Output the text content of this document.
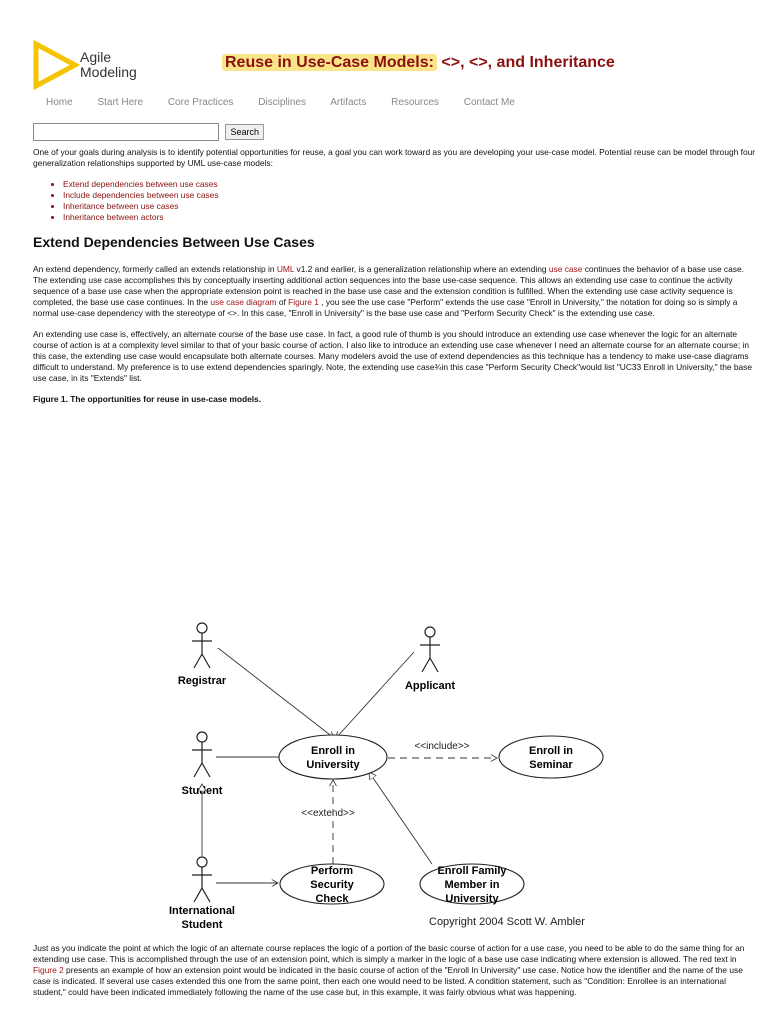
Agile
Modeling
Reuse in Use-Case Models: <>, <>, and Inheritance
Home Start Here Core Practices Disciplines Artifacts Resources Contact Me
Search

One of your goals during analysis is to identify potential opportunities for reuse, a goal you can work toward as you are developing your use-case model. Potential reuse can be model through four generalization relationships supported by UML use-case models:

• Extend dependencies between use cases
• Include dependencies between use cases
• Inheritance between use cases
• Inheritance between actors
Extend Dependencies Between Use Cases

An extend dependency, formerly called an extends relationship in UML v1.2 and earlier, is a generalization relationship where an extending use case continues the behavior of a base use case. The extending use case accomplishes this by conceptually inserting additional action sequences into the base use-case sequence. This allows an extending use case to continue the activity sequence of a base use case when the appropriate extension point is reached in the base use case and the extension condition is fulfilled. When the extending use case activity sequence is completed, the base use case continues. In the use case diagram of Figure 1 , you see the use case "Perform" extends the use case "Enroll in University," the notation for doing so is simply a normal use-case dependency with the stereotype of <>. In this case, "Enroll in University" is the base use case and "Perform Security Check" is the extending use case.

An extending use case is, effectively, an alternate course of the base use case. In fact, a good rule of thumb is you should introduce an extending use case whenever the logic for an alternate course of action is at a complexity level similar to that of your basic course of action. I also like to introduce an extending use case whenever I need an alternate course for an alternate course; in this case, the extending use case would encapsulate both alternate courses. Many modelers avoid the use of extend dependencies as this technique has a tendency to make use-case diagrams difficult to understand. My preference is to use extend dependencies sparingly. Note, the extending use case¾in this case "Perform Security Check"would list "UC33 Enroll in University," the base use case, in its "Extends" list.

Figure 1. The opportunities for reuse in use-case models.

Registrar	Applicant
Student
International
Student
Enroll in
University
Enroll in
Seminar
Perform
Security
Check
Enroll Family
Member in
University
<<include>>
<<extend>>
Copyright 2004 Scott W. Ambler

Just as you indicate the point at which the logic of an alternate course replaces the logic of a portion of the basic course of action for a use case, you need to be able to do the same thing for an extending use case. This is accomplished through the use of an extension point, which is simply a marker in the logic of a base use case indicating where extension is allowed. The red text in Figure 2 presents an example of how an extension point would be indicated in the basic course of action of the "Enroll In University" use case. Notice how the identifier and the name of the use case is indicated. If several use cases extended this one from the same point, then each one would need to be listed. A condition statement, such as "Condition: Enrollee is an international student," could have been indicated immediately following the name of the use case but, in this example, it was fairly obvious what was happening.
